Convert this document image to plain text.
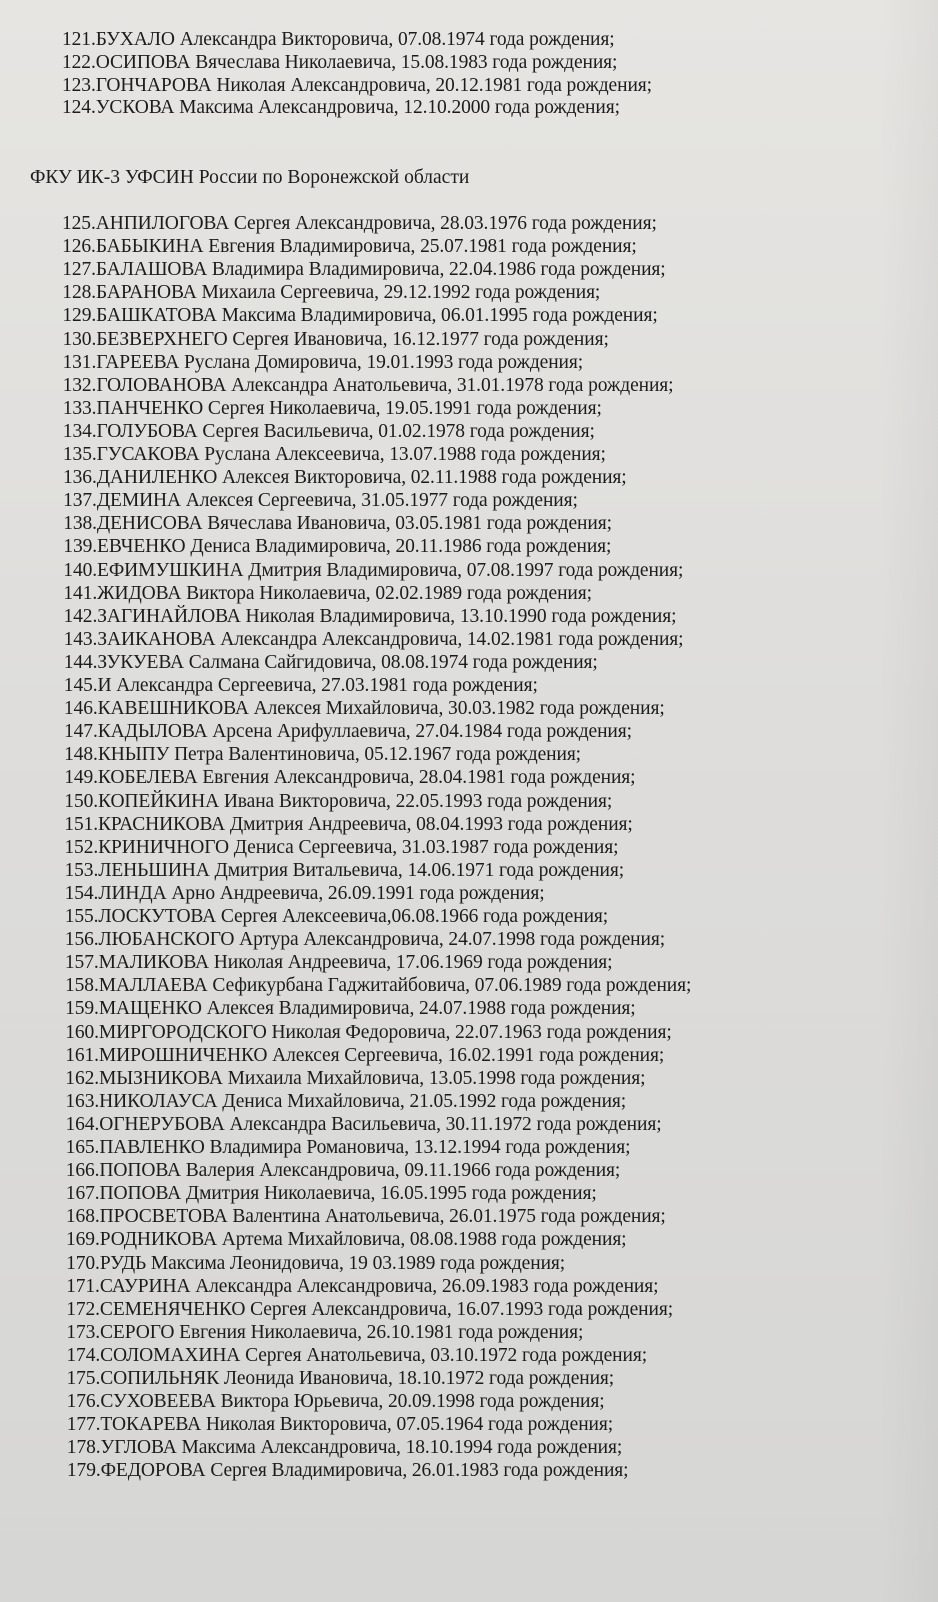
121.БУХАЛО Александра Викторовича, 07.08.1974 года рождения;
122.ОСИПОВА Вячеслава Николаевича, 15.08.1983 года рождения;
123.ГОНЧАРОВА Николая Александровича, 20.12.1981 года рождения;
124.УСКОВА Максима Александровича, 12.10.2000 года рождения;
ФКУ ИК-3 УФСИН России по Воронежской области
125.АНПИЛОГОВА Сергея Александровича, 28.03.1976 года рождения;
126.БАБЫКИНА Евгения Владимировича, 25.07.1981 года рождения;
127.БАЛАШОВА Владимира Владимировича, 22.04.1986 года рождения;
128.БАРАНОВА Михаила Сергеевича, 29.12.1992 года рождения;
129.БАШКАТОВА Максима Владимировича, 06.01.1995 года рождения;
130.БЕЗВЕРХНЕГО Сергея Ивановича, 16.12.1977 года рождения;
131.ГАРЕЕВА Руслана Домировича, 19.01.1993 года рождения;
132.ГОЛОВАНОВА Александра Анатольевича, 31.01.1978 года рождения;
133.ПАНЧЕНКО Сергея Николаевича, 19.05.1991 года рождения;
134.ГОЛУБОВА Сергея Васильевича, 01.02.1978 года рождения;
135.ГУСАКОВА Руслана Алексеевича, 13.07.1988 года рождения;
136.ДАНИЛЕНКО Алексея Викторовича, 02.11.1988 года рождения;
137.ДЕМИНА Алексея Сергеевича, 31.05.1977 года рождения;
138.ДЕНИСОВА Вячеслава Ивановича, 03.05.1981 года рождения;
139.ЕВЧЕНКО Дениса Владимировича, 20.11.1986 года рождения;
140.ЕФИМУШКИНА Дмитрия Владимировича, 07.08.1997 года рождения;
141.ЖИДОВА Виктора Николаевича, 02.02.1989 года рождения;
142.ЗАГИНАЙЛОВА Николая Владимировича, 13.10.1990 года рождения;
143.ЗАИКАНОВА Александра Александровича, 14.02.1981 года рождения;
144.ЗУКУЕВА Салмана Сайгидовича, 08.08.1974 года рождения;
145.И Александра Сергеевича, 27.03.1981 года рождения;
146.КАВЕШНИКОВА Алексея Михайловича, 30.03.1982 года рождения;
147.КАДЫЛОВА Арсена Арифуллаевича, 27.04.1984 года рождения;
148.КНЫПУ Петра Валентиновича, 05.12.1967 года рождения;
149.КОБЕЛЕВА Евгения Александровича, 28.04.1981 года рождения;
150.КОПЕЙКИНА Ивана Викторовича, 22.05.1993 года рождения;
151.КРАСНИКОВА Дмитрия Андреевича, 08.04.1993 года рождения;
152.КРИНИЧНОГО Дениса Сергеевича, 31.03.1987 года рождения;
153.ЛЕНЬШИНА Дмитрия Витальевича, 14.06.1971 года рождения;
154.ЛИНДА Арно Андреевича, 26.09.1991 года рождения;
155.ЛОСКУТОВА Сергея Алексеевича,06.08.1966 года рождения;
156.ЛЮБАНСКОГО Артура Александровича, 24.07.1998 года рождения;
157.МАЛИКОВА Николая Андреевича, 17.06.1969 года рождения;
158.МАЛЛАЕВА Сефикурбана Гаджитайбовича, 07.06.1989 года рождения;
159.МАЩЕНКО Алексея Владимировича, 24.07.1988 года рождения;
160.МИРГОРОДСКОГО Николая Федоровича, 22.07.1963 года рождения;
161.МИРОШНИЧЕНКО Алексея Сергеевича, 16.02.1991 года рождения;
162.МЫЗНИКОВА Михаила Михайловича, 13.05.1998 года рождения;
163.НИКОЛАУСА Дениса Михайловича, 21.05.1992 года рождения;
164.ОГНЕРУБОВА Александра Васильевича, 30.11.1972 года рождения;
165.ПАВЛЕНКО Владимира Романовича, 13.12.1994 года рождения;
166.ПОПОВА Валерия Александровича, 09.11.1966 года рождения;
167.ПОПОВА Дмитрия Николаевича, 16.05.1995 года рождения;
168.ПРОСВЕТОВА Валентина Анатольевича, 26.01.1975 года рождения;
169.РОДНИКОВА Артема Михайловича, 08.08.1988 года рождения;
170.РУДЬ Максима Леонидовича, 19 03.1989 года рождения;
171.САУРИНА Александра Александровича, 26.09.1983 года рождения;
172.СЕМЕНЯЧЕНКО Сергея Александровича, 16.07.1993 года рождения;
173.СЕРОГО Евгения Николаевича, 26.10.1981 года рождения;
174.СОЛОМАХИНА Сергея Анатольевича, 03.10.1972 года рождения;
175.СОПИЛЬНЯК Леонида Ивановича, 18.10.1972 года рождения;
176.СУХОВЕЕВА Виктора Юрьевича, 20.09.1998 года рождения;
177.ТОКАРЕВА Николая Викторовича, 07.05.1964 года рождения;
178.УГЛОВА Максима Александровича, 18.10.1994 года рождения;
179.ФЕДОРОВА Сергея Владимировича, 26.01.1983 года рождения;
